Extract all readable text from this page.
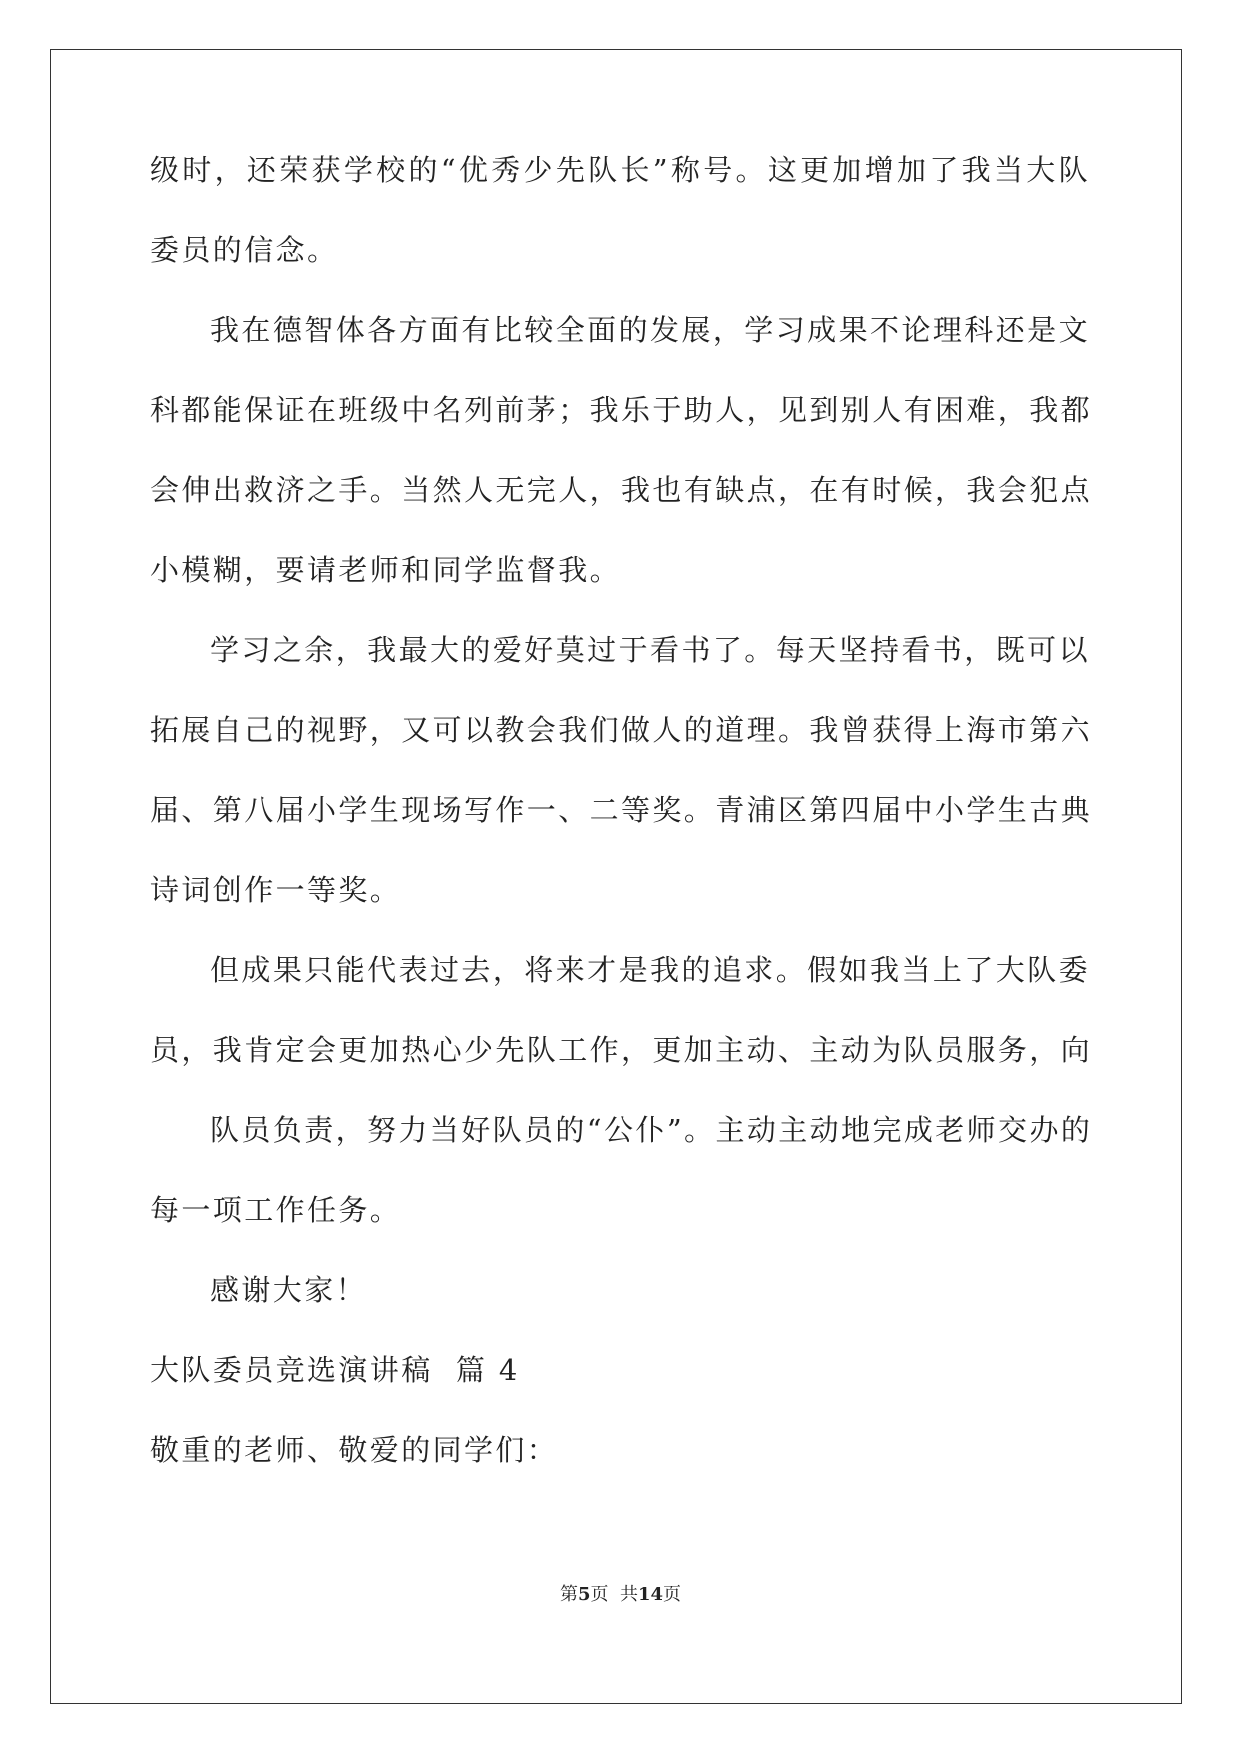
级时，还荣获学校的“优秀少先队长”称号。这更加增加了我当大队
委员的信念。
我在德智体各方面有比较全面的发展，学习成果不论理科还是文
科都能保证在班级中名列前茅；我乐于助人，见到别人有困难，我都
会伸出救济之手。当然人无完人，我也有缺点，在有时候，我会犯点
小模糊，要请老师和同学监督我。
学习之余，我最大的爱好莫过于看书了。每天坚持看书，既可以
拓展自己的视野，又可以教会我们做人的道理。我曾获得上海市第六
届、第八届小学生现场写作一、二等奖。青浦区第四届中小学生古典
诗词创作一等奖。
但成果只能代表过去，将来才是我的追求。假如我当上了大队委
员，我肯定会更加热心少先队工作，更加主动、主动为队员服务，向
队员负责，努力当好队员的“公仆”。主动主动地完成老师交办的
每一项工作任务。
感谢大家！
大队委员竞选演讲稿  篇 4
敬重的老师、敬爱的同学们：
第5页  共14页
